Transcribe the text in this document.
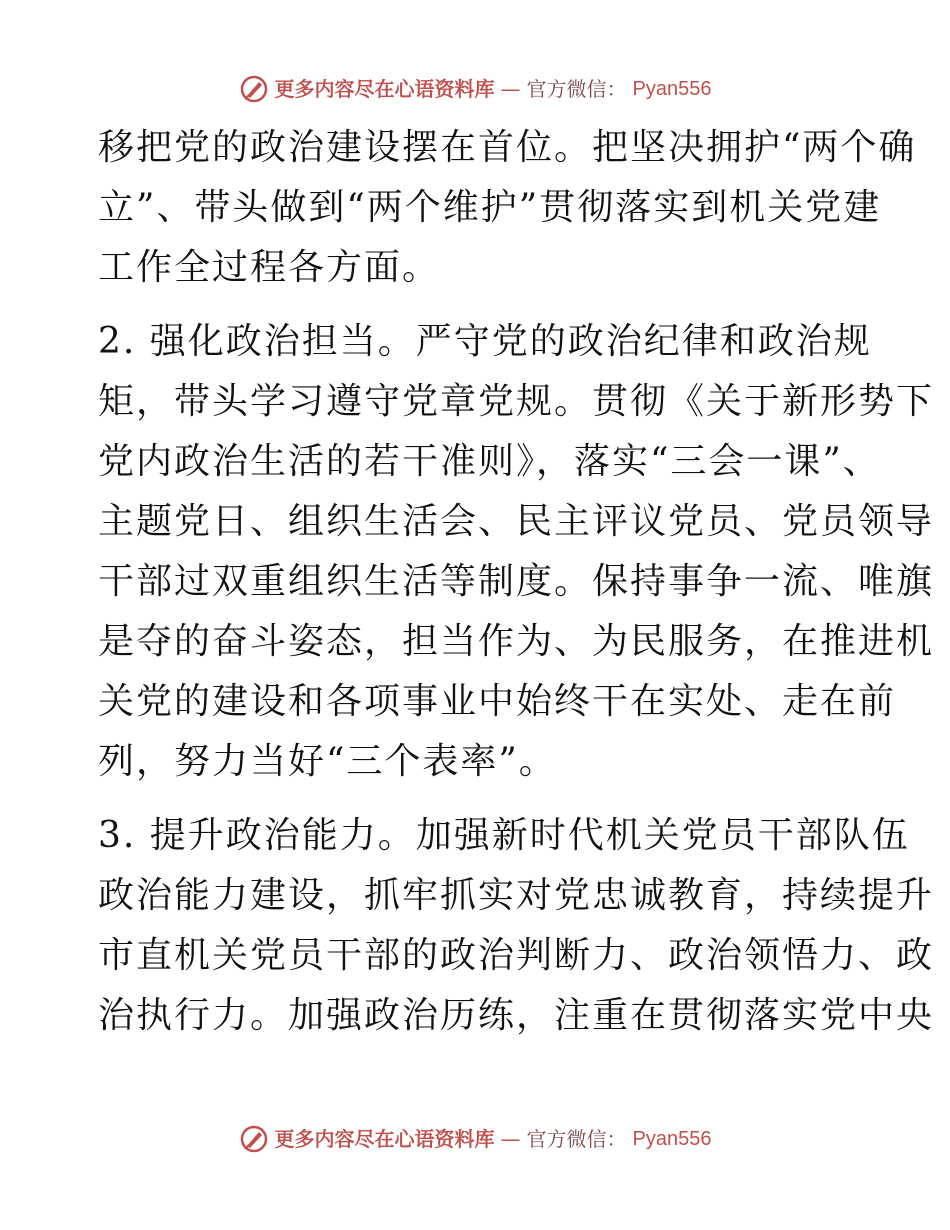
更多内容尽在心语资料库 — 官方微信： Pyan556
移把党的政治建设摆在首位。把坚决拥护“两个确
立”、带头做到“两个维护”贯彻落实到机关党建
工作全过程各方面。
2. 强化政治担当。严守党的政治纪律和政治规
矩，带头学习遵守党章党规。贯彻《关于新形势下
党内政治生活的若干准则》，落实“三会一课”、
主题党日、组织生活会、民主评议党员、党员领导
干部过双重组织生活等制度。保持事争一流、唯旗
是夺的奋斗姿态，担当作为、为民服务，在推进机
关党的建设和各项事业中始终干在实处、走在前
列，努力当好“三个表率”。
3. 提升政治能力。加强新时代机关党员干部队伍
政治能力建设，抓牢抓实对党忠诚教育，持续提升
市直机关党员干部的政治判断力、政治领悟力、政
治执行力。加强政治历练，注重在贯彻落实党中央
更多内容尽在心语资料库 — 官方微信： Pyan556
